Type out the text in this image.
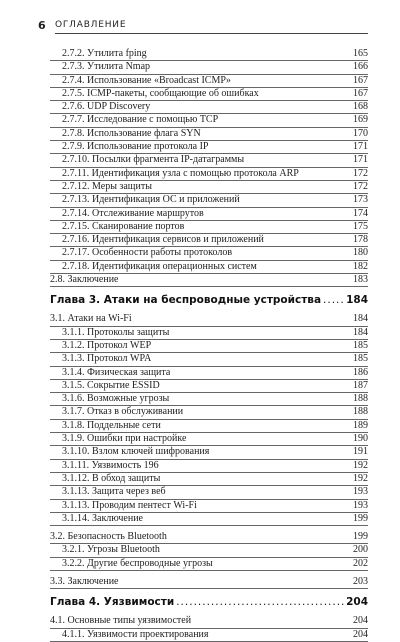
6 ОГЛАВЛЕНИЕ
2.7.2. Утилита fping	165
2.7.3. Утилита Nmap	166
2.7.4. Использование «Broadcast ICMP»	167
2.7.5. ICMP-пакеты, сообщающие об ошибках	167
2.7.6. UDP Discovery	168
2.7.7. Исследование с помощью TCP	169
2.7.8. Использование флага SYN	170
2.7.9. Использование протокола IP	171
2.7.10. Посылки фрагмента IP-датаграммы	171
2.7.11. Идентификация узла с помощью протокола ARP	172
2.7.12. Меры защиты	172
2.7.13. Идентификация ОС и приложений	173
2.7.14. Отслеживание маршрутов	174
2.7.15. Сканирование портов	175
2.7.16. Идентификация сервисов и приложений	178
2.7.17. Особенности работы протоколов	180
2.7.18. Идентификация операционных систем	182
2.8. Заключение	183
Глава 3. Атаки на беспроводные устройства ..... 184
3.1. Атаки на Wi-Fi	184
3.1.1. Протоколы защиты	184
3.1.2. Протокол WEP	185
3.1.3. Протокол WPA	185
3.1.4. Физическая защита	186
3.1.5. Сокрытие ESSID	187
3.1.6. Возможные угрозы	188
3.1.7. Отказ в обслуживании	188
3.1.8. Поддельные сети	189
3.1.9. Ошибки при настройке	190
3.1.10. Взлом ключей шифрования	191
3.1.11. Уязвимость 196	192
3.1.12. В обход защиты	192
3.1.13. Защита через веб	193
3.1.13. Проводим пентест Wi-Fi	193
3.1.14. Заключение	199
3.2. Безопасность Bluetooth	199
3.2.1. Угрозы Bluetooth	200
3.2.2. Другие беспроводные угрозы	202
3.3. Заключение	203
Глава 4. Уязвимости .....	204
4.1. Основные типы уязвимостей	204
4.1.1. Уязвимости проектирования	204
